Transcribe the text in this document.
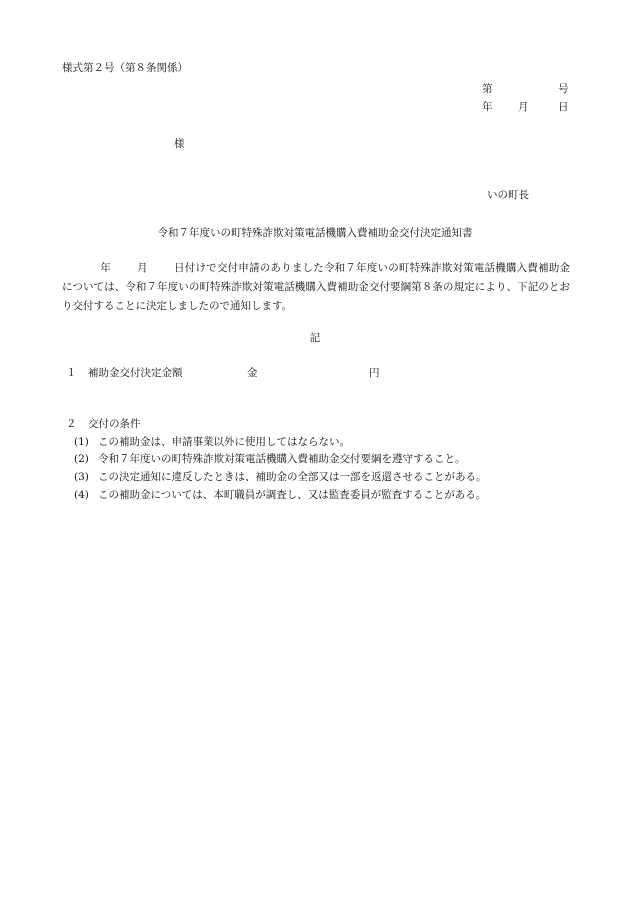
様式第２号（第８条関係）
第	号
年 月	日
様
いの町長
令和７年度いの町特殊詐欺対策電話機購入費補助金交付決定通知書
年 月 日付けで交付申請のありました令和７年度いの町特殊詐欺対策電話機購入費補助金については、令和７年度いの町特殊詐欺対策電話機購入費補助金交付要綱第８条の規定により、下記のとおり交付することに決定しましたので通知します。
記
１ 補助金交付決定金額	金	円
２ 交付の条件
(1) この補助金は、申請事業以外に使用してはならない。
(2) 令和７年度いの町特殊詐欺対策電話機購入費補助金交付要綱を遵守すること。
(3) この決定通知に違反したときは、補助金の全部又は一部を返還させることがある。
(4) この補助金については、本町職員が調査し、又は監査委員が監査することがある。
